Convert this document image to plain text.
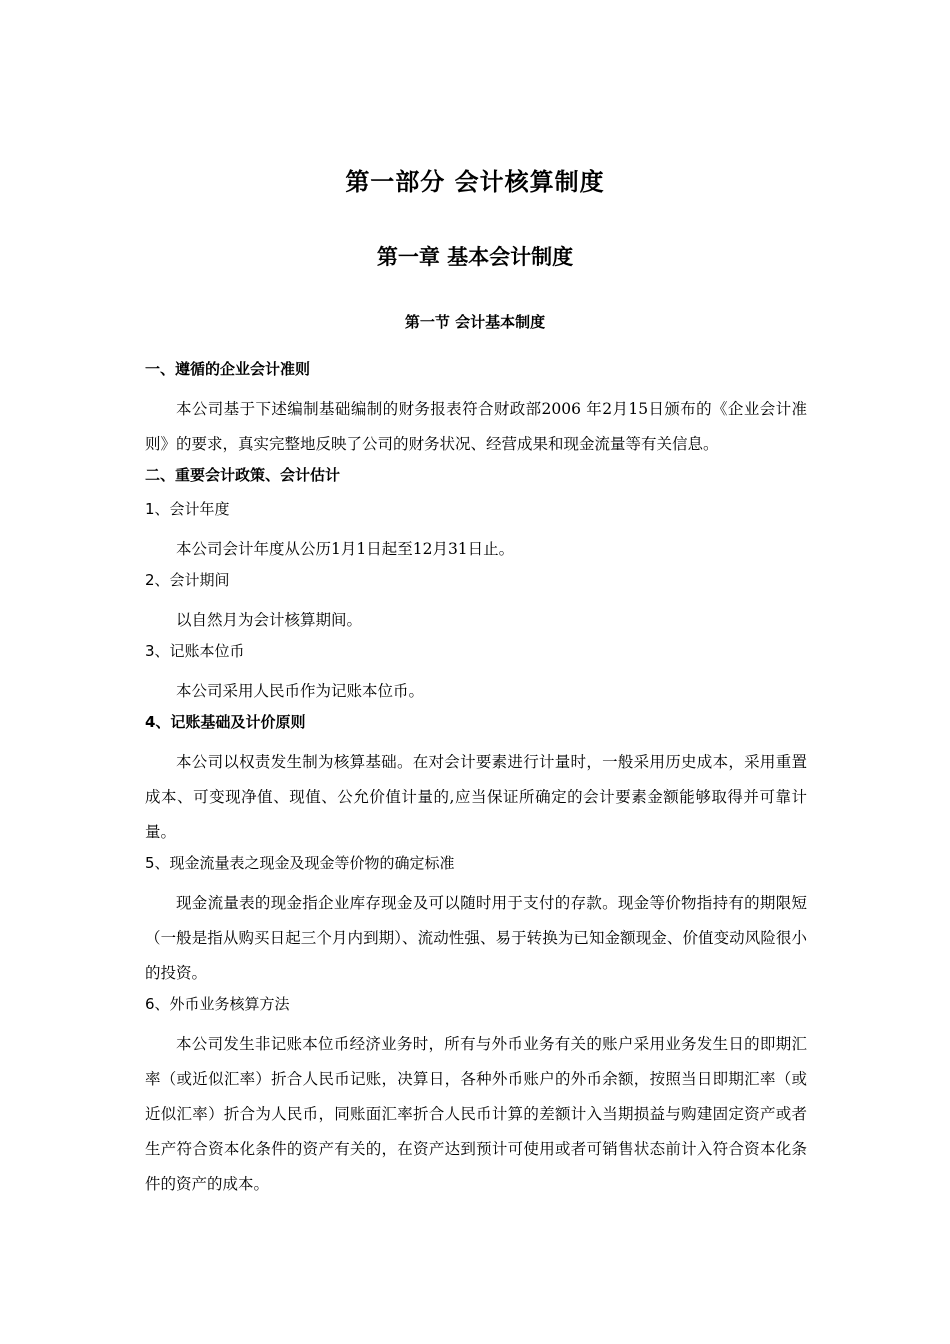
第一部分 会计核算制度
第一章 基本会计制度
第一节 会计基本制度
一、遵循的企业会计准则

本公司基于下述编制基础编制的财务报表符合财政部2006 年2月15日颁布的《企业会计准则》的要求，真实完整地反映了公司的财务状况、经营成果和现金流量等有关信息。

二、重要会计政策、会计估计
1、会计年度

本公司会计年度从公历1月1日起至12月31日止。

2、会计期间

以自然月为会计核算期间。

3、记账本位币

本公司采用人民币作为记账本位币。

4、记账基础及计价原则

本公司以权责发生制为核算基础。在对会计要素进行计量时，一般采用历史成本，采用重置成本、可变现净值、现值、公允价值计量的,应当保证所确定的会计要素金额能够取得并可靠计量。

5、现金流量表之现金及现金等价物的确定标准

现金流量表的现金指企业库存现金及可以随时用于支付的存款。现金等价物指持有的期限短（一般是指从购买日起三个月内到期）、流动性强、易于转换为已知金额现金、价值变动风险很小的投资。

6、外币业务核算方法

本公司发生非记账本位币经济业务时，所有与外币业务有关的账户采用业务发生日的即期汇率（或近似汇率）折合人民币记账，决算日，各种外币账户的外币余额，按照当日即期汇率（或近似汇率）折合为人民币，同账面汇率折合人民币计算的差额计入当期损益与购建固定资产或者生产符合资本化条件的资产有关的，在资产达到预计可使用或者可销售状态前计入符合资本化条件的资产的成本。
